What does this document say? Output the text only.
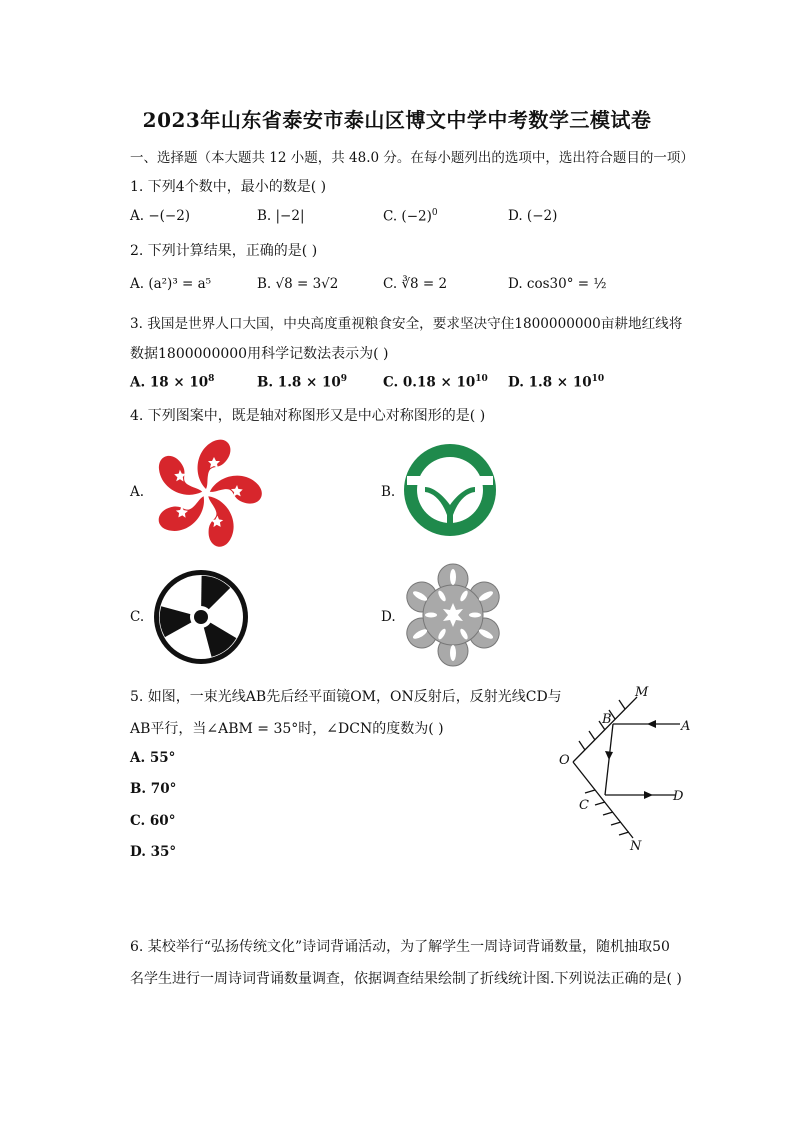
2023年山东省泰安市泰山区博文中学中考数学三模试卷
一、选择题（本大题共 12 小题，共 48.0 分。在每小题列出的选项中，选出符合题目的一项）
1. 下列4个数中，最小的数是( )
A. −(−2)	B. |−2|	C. $(-2)^0$	D. (−2)
2. 下列计算结果，正确的是( )
A. (a²)³ = a⁵	B. √8 = 3√2	C. ∛8 = 2	D. cos30° = ½
3. 我国是世界人口大国，中央高度重视粮食安全，要求坚决守住1800000000亩耕地红线将
数据1800000000用科学记数法表示为( )
A. $18 \times 10^8$	B. $1.8 \times 10^9$	C. $0.18 \times 10^{10}$ D. $1.8 \times 10^{10}$
4. 下列图案中，既是轴对称图形又是中心对称图形的是( )
A.	B.
C.	D.
5. 如图，一束光线AB先后经平面镜OM，ON反射后，反射光线CD与
AB平行，当∠ABM = 35°时，∠DCN的度数为( )
A. 55°
B. 70°
C. 60°
D. 35°
M
A
B
O
C
D
N
6. 某校举行“弘扬传统文化”诗词背诵活动，为了解学生一周诗词背诵数量，随机抽取50
名学生进行一周诗词背诵数量调查，依据调查结果绘制了折线统计图.下列说法正确的是( )
